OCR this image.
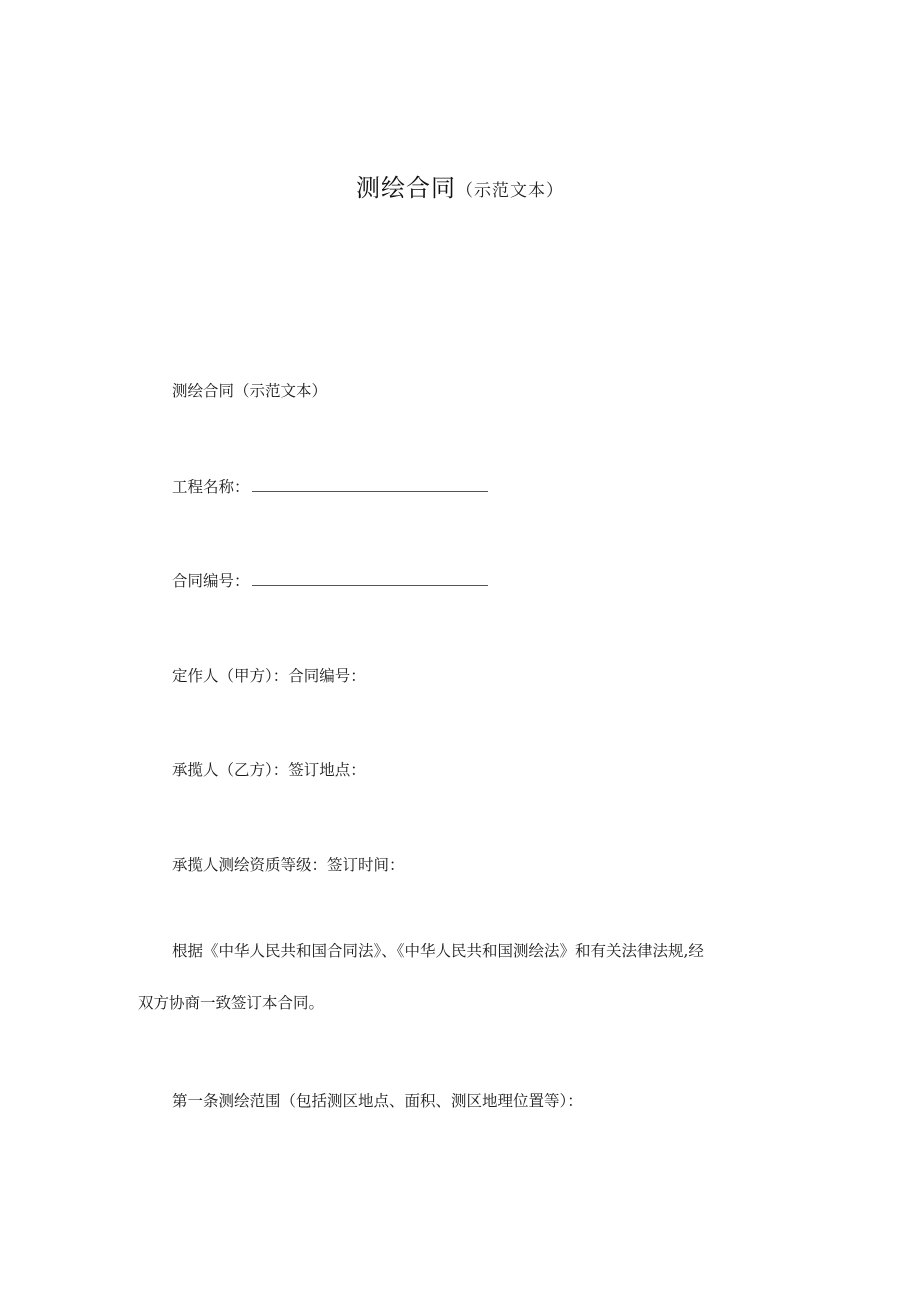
测绘合同（示范文本）
测绘合同（示范文本）
工程名称：
合同编号：
定作人（甲方）：合同编号：
承揽人（乙方）：签订地点：
承揽人测绘资质等级：签订时间：
根据《中华人民共和国合同法》、《中华人民共和国测绘法》和有关法律法规,经
双方协商一致签订本合同。
第一条测绘范围（包括测区地点、面积、测区地理位置等）：
